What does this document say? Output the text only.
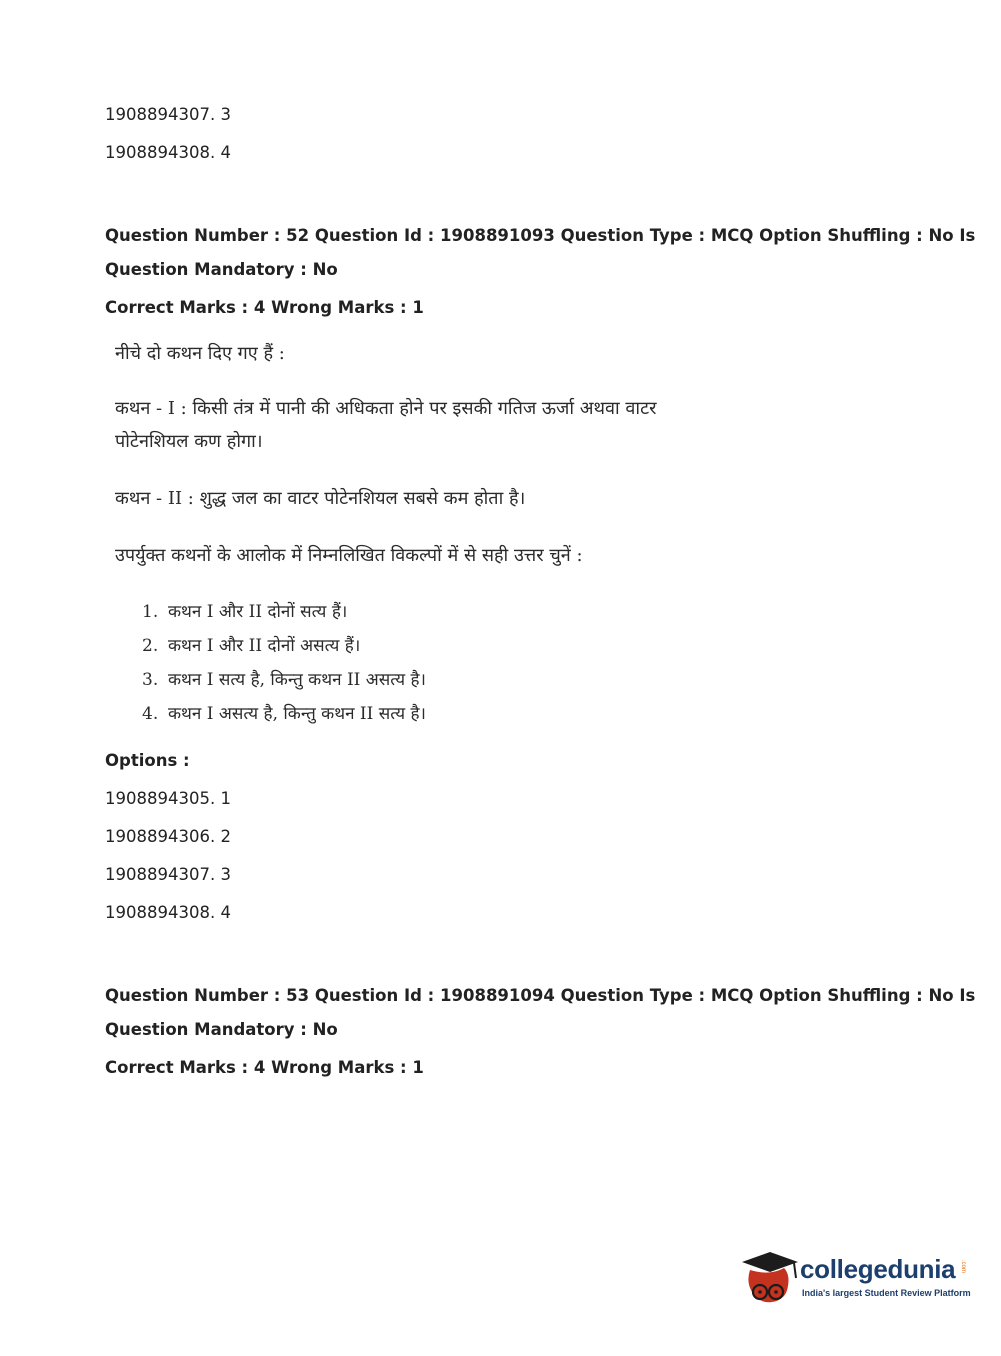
1908894307. 3
1908894308. 4
Question Number : 52 Question Id : 1908891093 Question Type : MCQ Option Shuffling : No Is
Question Mandatory : No
Correct Marks : 4 Wrong Marks : 1
नीचे दो कथन दिए गए हैं :
कथन - I : किसी तंत्र में पानी की अधिकता होने पर इसकी गतिज ऊर्जा अथवा वाटर
पोटेनशियल कण होगा।
कथन - II : शुद्ध जल का वाटर पोटेनशियल सबसे कम होता है।
उपर्युक्त कथनों के आलोक में निम्नलिखित विकल्पों में से सही उत्तर चुनें :
1. कथन I और II दोनों सत्य हैं।
2. कथन I और II दोनों असत्य हैं।
3. कथन I सत्य है, किन्तु कथन II असत्य है।
4. कथन I असत्य है, किन्तु कथन II सत्य है।
Options :
1908894305. 1
1908894306. 2
1908894307. 3
1908894308. 4
Question Number : 53 Question Id : 1908891094 Question Type : MCQ Option Shuffling : No Is
Question Mandatory : No
Correct Marks : 4 Wrong Marks : 1
collegedunia .com
India's largest Student Review Platform
